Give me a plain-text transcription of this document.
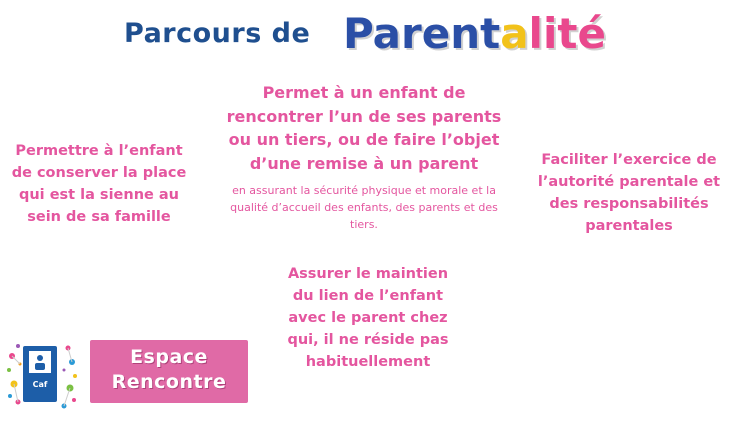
Parcours de Parentalité
Permettre à l’enfant de conserver la place qui est la sienne au sein de sa famille
Permet à un enfant de rencontrer l’un de ses parents ou un tiers, ou de faire l’objet d’une remise à un parent
en assurant la sécurité physique et morale et la qualité d’accueil des enfants, des parents et des tiers.
Faciliter l’exercice de l’autorité parentale et des responsabilités parentales
Assurer le maintien du lien de l’enfant avec le parent chez qui, il ne réside pas habituellement
Caf
Espace
Rencontre
